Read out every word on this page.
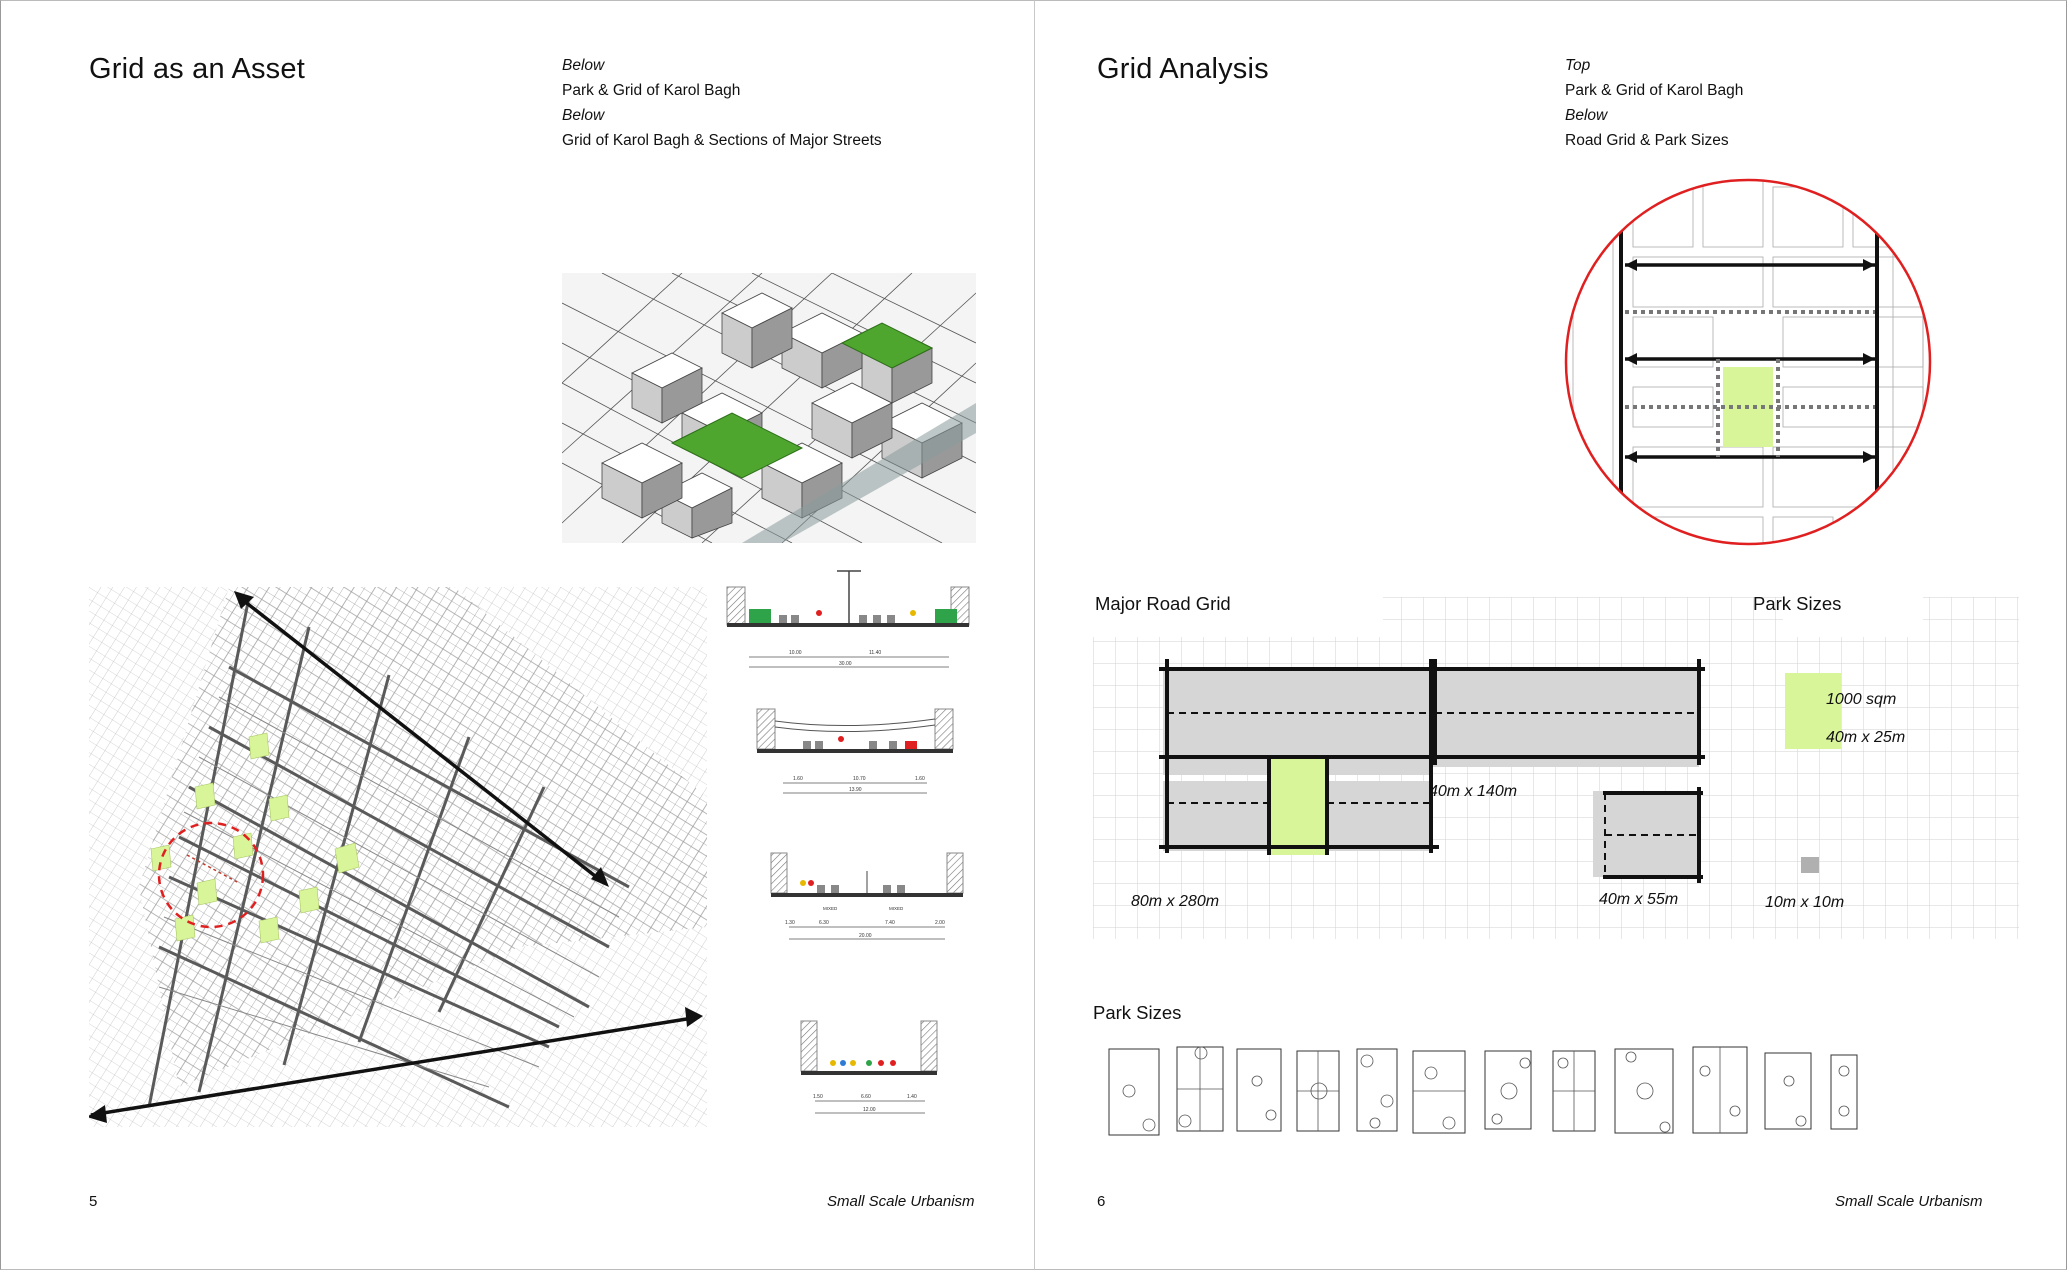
Grid as an Asset	Below
Park & Grid of Karol Bagh
Below
Grid of Karol Bagh & Sections of Major Streets
10.00	11.40
30.00
1.60	10.70	1.60
13.90
MIXED	MIXED
1.30	6.30	7.40	2.00
20.00
1.50	6.60	1.40
12.00
5	Small Scale Urbanism
Grid Analysis	Top
Park & Grid of Karol Bagh
Below
Road Grid & Park Sizes
Major Road Grid	Park Sizes
80m x 280m
40m x 140m
40m x 55m
1000 sqm
40m x 25m
10m x 10m
Park Sizes
6	Small Scale Urbanism
